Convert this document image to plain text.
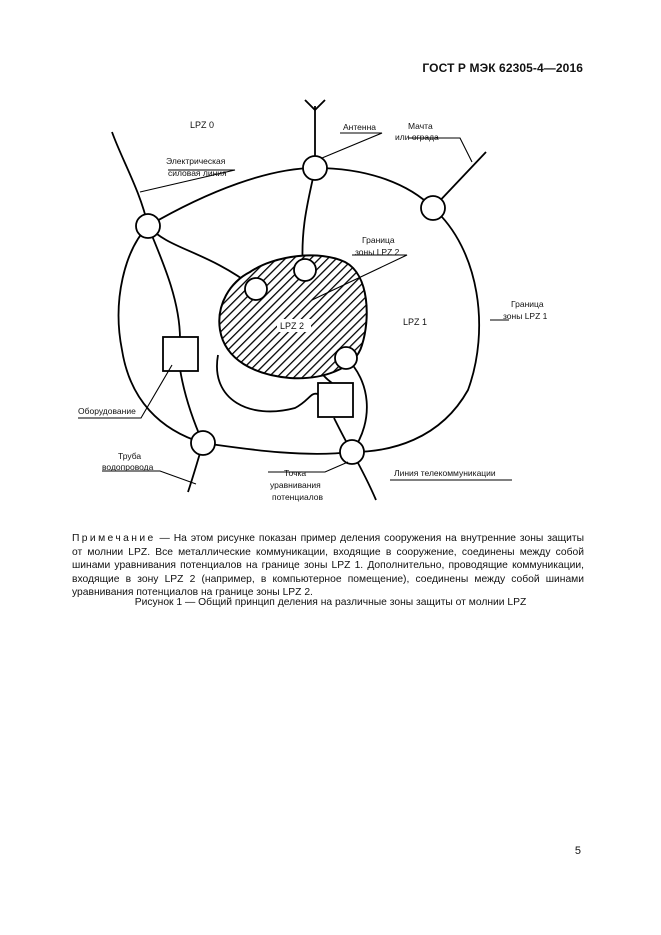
ГОСТ Р МЭК 62305-4—2016
LPZ 2
LPZ 0
LPZ 1
Антенна	Мачта
или ограда
Электрическая
силовая линия
Граница
зоны LPZ 2
Граница
зоны LPZ 1
Оборудование
Труба
водопровода
Точка
уравнивания
потенциалов
Линия телекоммуникации
Примечание — На этом рисунке показан пример деления сооружения на внутренние зоны защиты от молнии LPZ. Все металлические коммуникации, входящие в сооружение, соединены между собой шинами уравнивания потенциалов на границе зоны LPZ 1. Дополнительно, проводящие коммуникации, входящие в зону LPZ 2 (например, в компьютерное помещение), соединены между собой шинами уравнивания потенциалов на границе зоны LPZ 2.
Рисунок 1 — Общий принцип деления на различные зоны защиты от молнии LPZ
5
